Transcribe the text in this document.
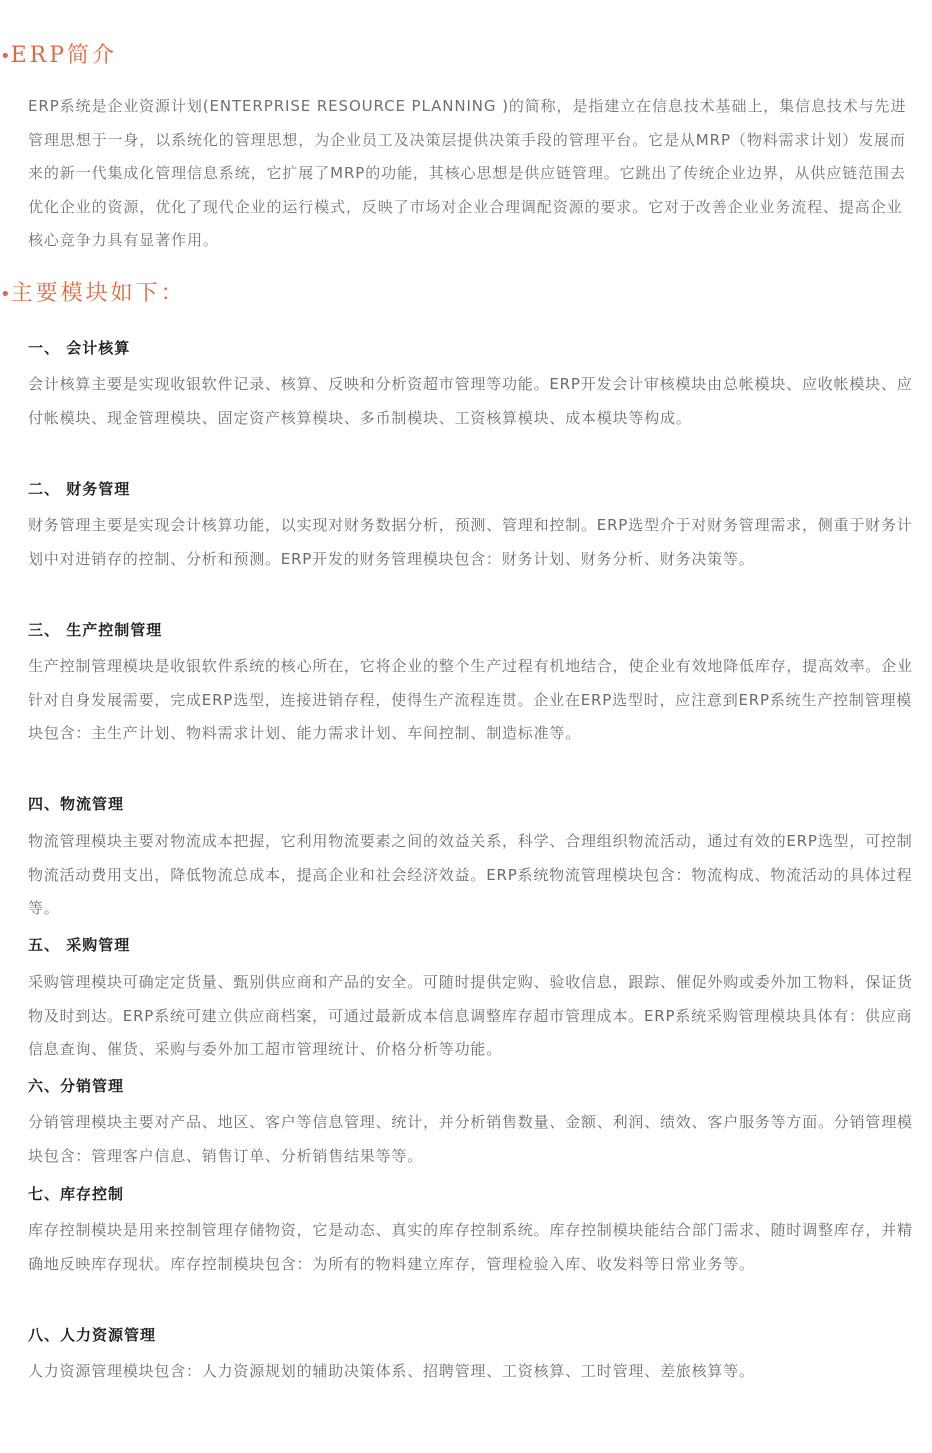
•ERP简介

ERP系统是企业资源计划(ENTERPRISE RESOURCE PLANNING )的简称，是指建立在信息技术基础上，集信息技术与先进管理思想于一身，以系统化的管理思想，为企业员工及决策层提供决策手段的管理平台。它是从MRP（物料需求计划）发展而来的新一代集成化管理信息系统，它扩展了MRP的功能，其核心思想是供应链管理。它跳出了传统企业边界，从供应链范围去优化企业的资源，优化了现代企业的运行模式，反映了市场对企业合理调配资源的要求。它对于改善企业业务流程、提高企业核心竞争力具有显著作用。

•主要模块如下：
一、 会计核算

会计核算主要是实现收银软件记录、核算、反映和分析资超市管理等功能。ERP开发会计审核模块由总帐模块、应收帐模块、应付帐模块、现金管理模块、固定资产核算模块、多币制模块、工资核算模块、成本模块等构成。

二、 财务管理

财务管理主要是实现会计核算功能，以实现对财务数据分析，预测、管理和控制。ERP选型介于对财务管理需求，侧重于财务计划中对进销存的控制、分析和预测。ERP开发的财务管理模块包含：财务计划、财务分析、财务决策等。

三、 生产控制管理

生产控制管理模块是收银软件系统的核心所在，它将企业的整个生产过程有机地结合，使企业有效地降低库存，提高效率。企业针对自身发展需要，完成ERP选型，连接进销存程，使得生产流程连贯。企业在ERP选型时，应注意到ERP系统生产控制管理模块包含：主生产计划、物料需求计划、能力需求计划、车间控制、制造标准等。

四、物流管理

物流管理模块主要对物流成本把握，它利用物流要素之间的效益关系，科学、合理组织物流活动，通过有效的ERP选型，可控制物流活动费用支出，降低物流总成本，提高企业和社会经济效益。ERP系统物流管理模块包含：物流构成、物流活动的具体过程等。

五、 采购管理

采购管理模块可确定定货量、甄别供应商和产品的安全。可随时提供定购、验收信息，跟踪、催促外购或委外加工物料，保证货物及时到达。ERP系统可建立供应商档案，可通过最新成本信息调整库存超市管理成本。ERP系统采购管理模块具体有：供应商信息查询、催货、采购与委外加工超市管理统计、价格分析等功能。

六、分销管理

分销管理模块主要对产品、地区、客户等信息管理、统计，并分析销售数量、金额、利润、绩效、客户服务等方面。分销管理模块包含：管理客户信息、销售订单、分析销售结果等等。

七、库存控制

库存控制模块是用来控制管理存储物资，它是动态、真实的库存控制系统。库存控制模块能结合部门需求、随时调整库存，并精确地反映库存现状。库存控制模块包含：为所有的物料建立库存，管理检验入库、收发料等日常业务等。

八、人力资源管理

人力资源管理模块包含：人力资源规划的辅助决策体系、招聘管理、工资核算、工时管理、差旅核算等。
